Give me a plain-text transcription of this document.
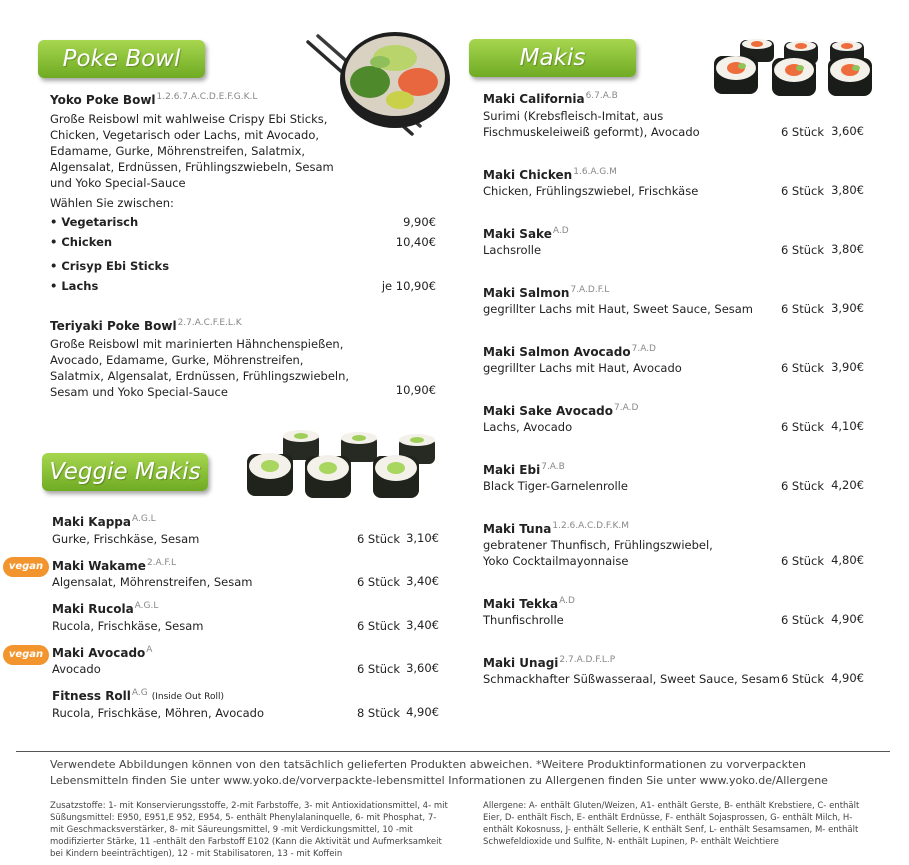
Poke Bowl
Yoko Poke Bowl$^{1.2.6.7.A.C.D.E.F.G.K.L}$
Große Reisbowl mit wahlweise Crispy Ebi Sticks, Chicken, Vegetarisch oder Lachs, mit Avocado, Edamame, Gurke, Möhrenstreifen, Salatmix, Algensalat, Erdnüssen, Frühlingszwiebeln, Sesam und Yoko Special-Sauce
Wählen Sie zwischen:
• Vegetarisch	9,90€
• Chicken	10,40€
• Crisyp Ebi Sticks
• Lachs	je 10,90€
Teriyaki Poke Bowl$^{2.7.A.C.F.E.L.K}$
Große Reisbowl mit marinierten Hähnchenspießen, Avocado, Edamame, Gurke, Möhrenstreifen, Salatmix, Algensalat, Erdnüssen, Frühlingszwiebeln, Sesam und Yoko Special-Sauce	10,90€
Veggie Makis
Maki Kappa$^{A.G.L}$
Gurke, Frischkäse, Sesam	6 Stück 3,10€
vegan Maki Wakame$^{2.A.F.L}$
Algensalat, Möhrenstreifen, Sesam	6 Stück 3,40€
Maki Rucola$^{A.G.L}$
Rucola, Frischkäse, Sesam	6 Stück 3,40€
vegan Maki Avocado$^A$
Avocado	6 Stück 3,60€
Fitness Roll$^{A.G}$ (Inside Out Roll)
Rucola, Frischkäse, Möhren, Avocado	8 Stück 4,90€
Makis
Maki California$^{6.7.A.B}$
Surimi (Krebsfleisch-Imitat, aus Fischmuskeleiweiß geformt), Avocado	6 Stück 3,60€
Maki Chicken$^{1.6.A.G.M}$
Chicken, Frühlingszwiebel, Frischkäse	6 Stück 3,80€
Maki Sake$^{A.D}$
Lachsrolle	6 Stück 3,80€
Maki Salmon$^{7.A.D.F.L}$
gegrillter Lachs mit Haut, Sweet Sauce, Sesam	6 Stück 3,90€
Maki Salmon Avocado$^{7.A.D}$
gegrillter Lachs mit Haut, Avocado	6 Stück 3,90€
Maki Sake Avocado$^{7.A.D}$
Lachs, Avocado	6 Stück 4,10€
Maki Ebi$^{7.A.B}$
Black Tiger-Garnelenrolle	6 Stück 4,20€
Maki Tuna$^{1.2.6.A.C.D.F.K.M}$
gebratener Thunfisch, Frühlingszwiebel, Yoko Cocktailmayonnaise	6 Stück 4,80€
Maki Tekka$^{A.D}$
Thunfischrolle	6 Stück 4,90€
Maki Unagi$^{2.7.A.D.F.L.P}$
Schmackhafter Süßwasseraal, Sweet Sauce, Sesam 6 Stück 4,90€
Verwendete Abbildungen können von den tatsächlich gelieferten Produkten abweichen. *Weitere Produktinformationen zu vorverpackten Lebensmitteln finden Sie unter www.yoko.de/vorverpackte-lebensmittel Informationen zu Allergenen finden Sie unter www.yoko.de/Allergene
Zusatzstoffe: 1- mit Konservierungsstoffe, 2-mit Farbstoffe, 3- mit Antioxidationsmittel, 4- mit Süßungsmittel: E950, E951,E 952, E954, 5- enthält Phenylalaninquelle, 6- mit Phosphat, 7-mit Geschmacksverstärker, 8- mit Säureungsmittel, 9 -mit Verdickungsmittel, 10 -mit modifizierter Stärke, 11 -enthält den Farbstoff E102 (Kann die Aktivität und Aufmerksamkeit bei Kindern beeinträchtigen), 12 - mit Stabilisatoren, 13 - mit Koffein
Allergene: A- enthält Gluten/Weizen, A1- enthält Gerste, B- enthält Krebstiere, C- enthält Eier, D- enthält Fisch, E- enthält Erdnüsse, F- enthält Sojasprossen, G- enthält Milch, H- enthält Kokosnuss, J- enthält Sellerie, K enthält Senf, L- enthält Sesamsamen, M- enthält Schwefeldioxide und Sulfite, N- enthält Lupinen, P- enthält Weichtiere
